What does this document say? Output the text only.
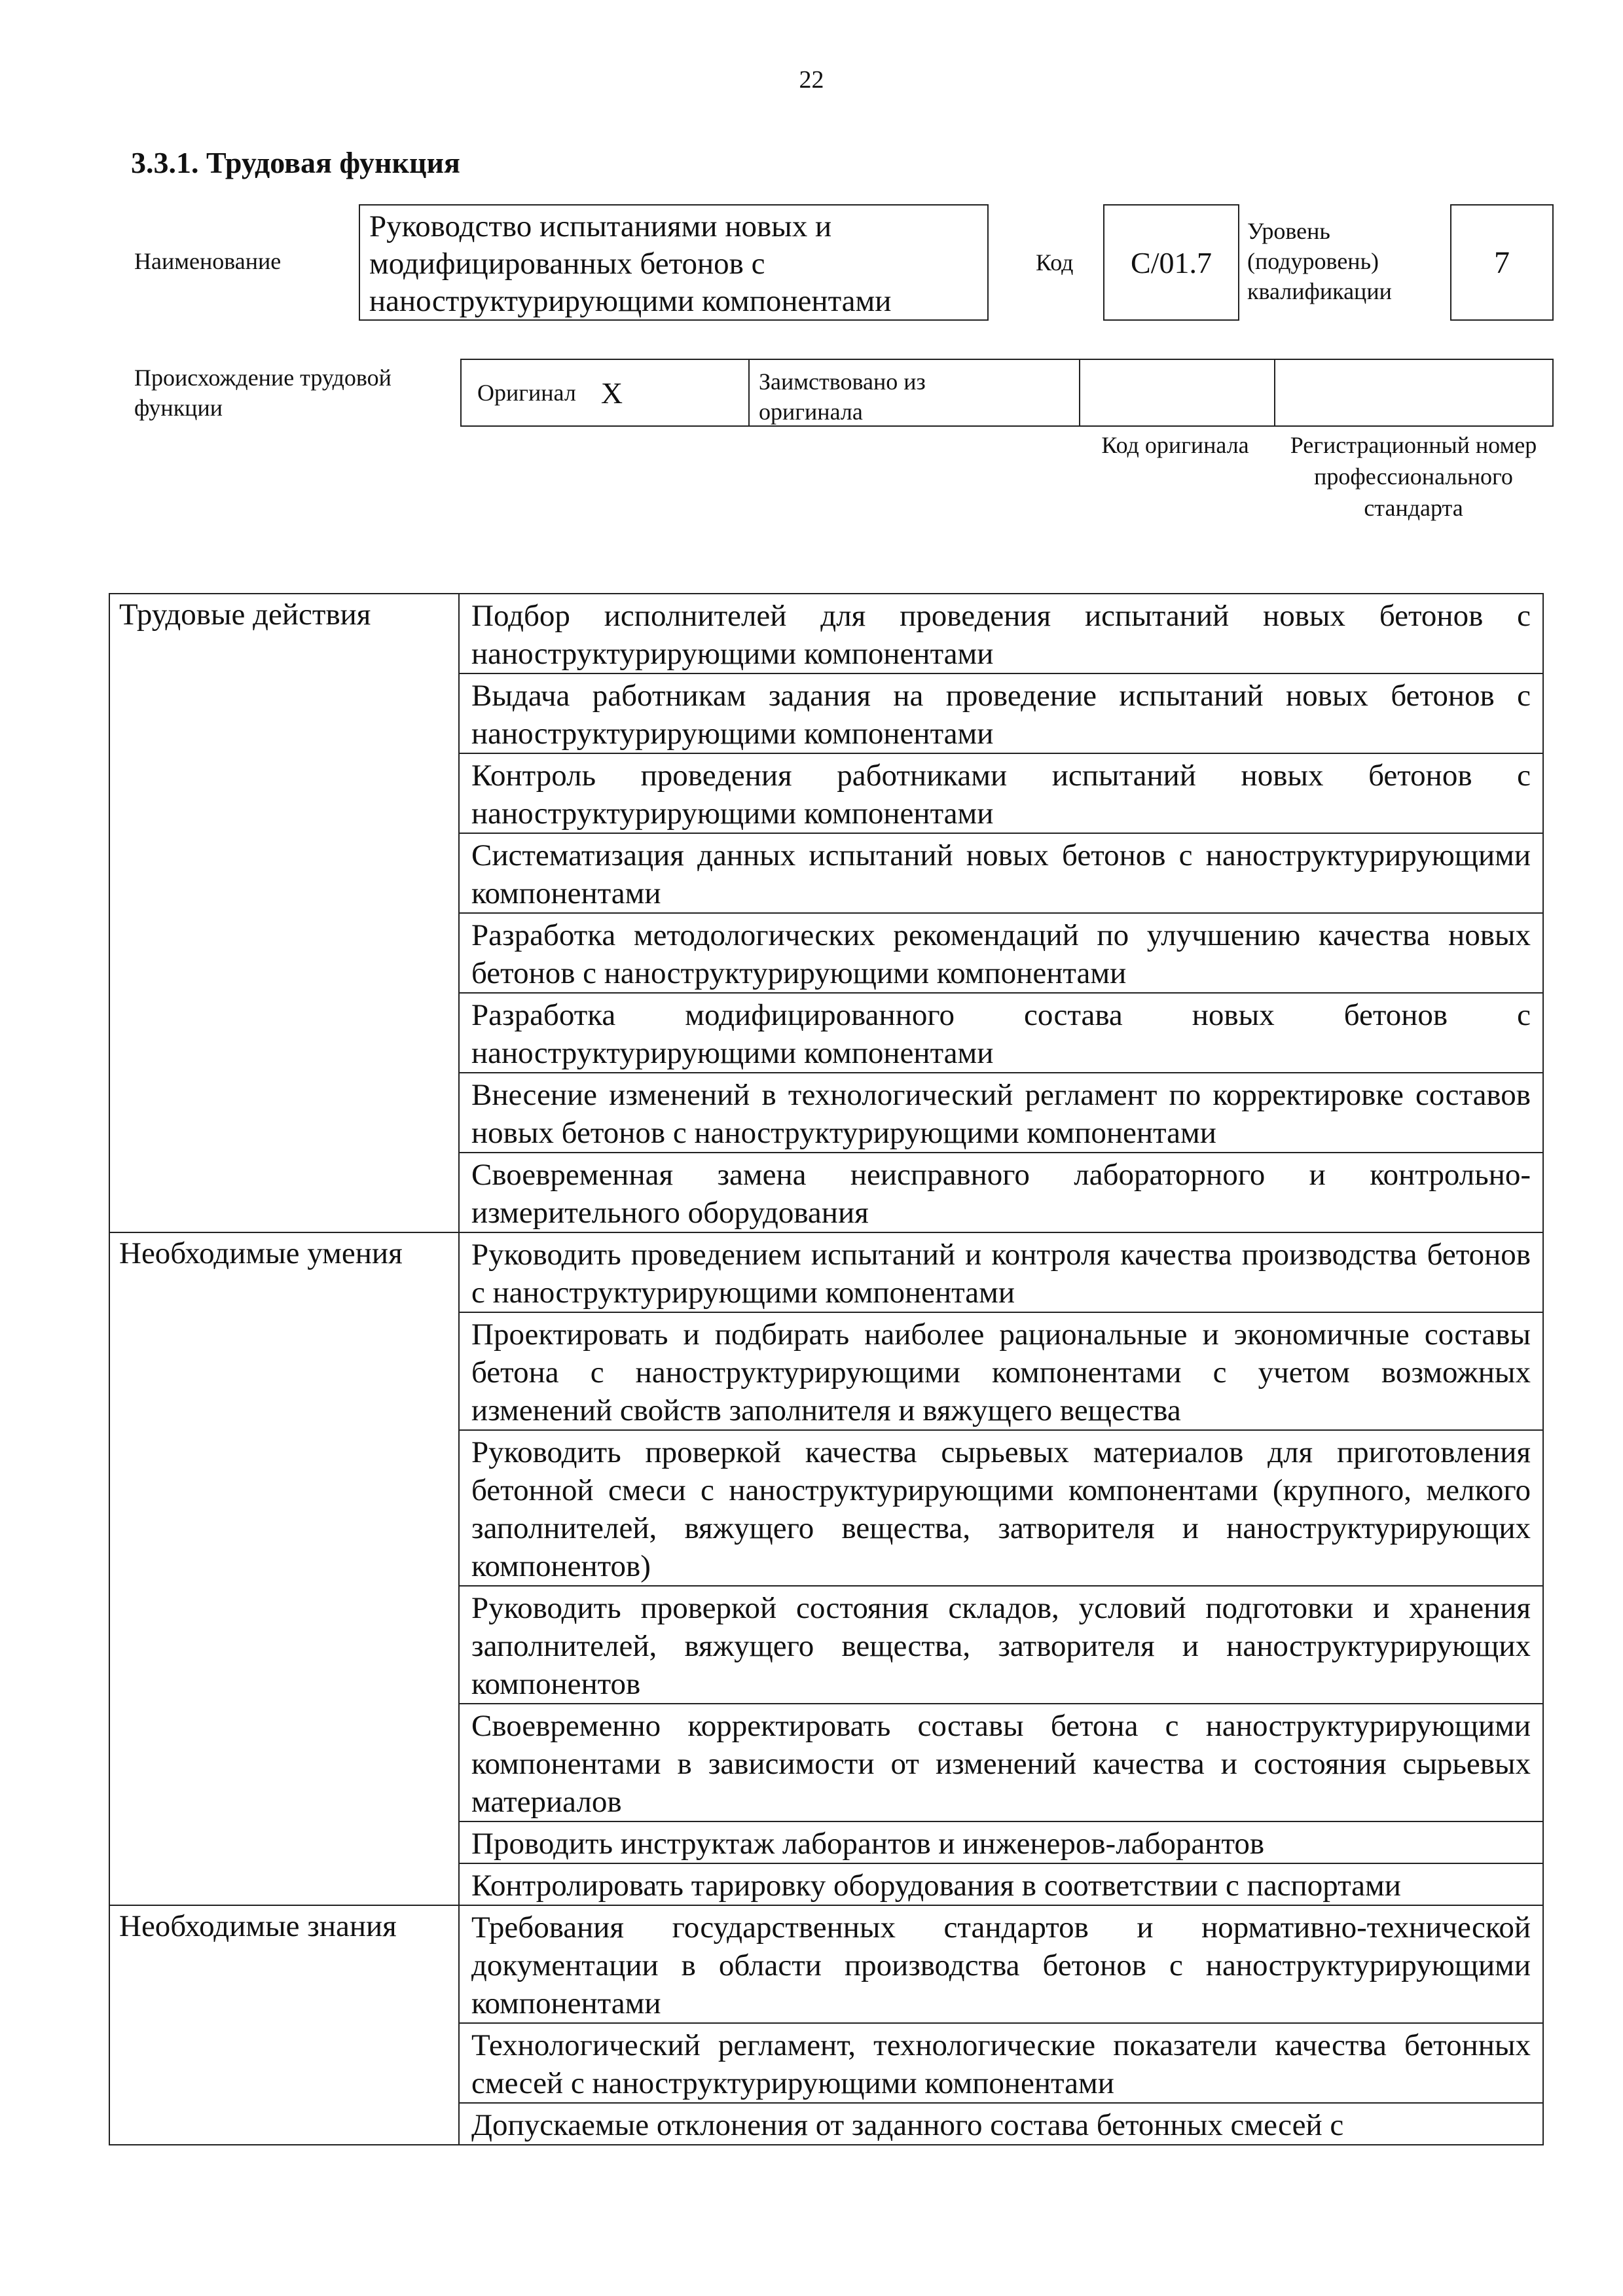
22
3.3.1. Трудовая функция
Наименование
Руководство испытаниями новых и модифицированных бетонов с наноструктурирующими компонентами
Код	С/01.7
Уровень (подуровень) квалификации
7
Происхождение трудовой функции
Оригинал Х	Заимствовано из оригинала
Код оригинала	Регистрационный номер профессионального стандарта
Трудовые действия	Подбор исполнителей для проведения испытаний новых бетонов с наноструктурирующими компонентами
	Выдача работникам задания на проведение испытаний новых бетонов с наноструктурирующими компонентами
	Контроль проведения работниками испытаний новых бетонов с наноструктурирующими компонентами
	Систематизация данных испытаний новых бетонов с наноструктурирующими компонентами
	Разработка методологических рекомендаций по улучшению качества новых бетонов с наноструктурирующими компонентами
	Разработка модифицированного состава новых бетонов с наноструктурирующими компонентами
	Внесение изменений в технологический регламент по корректировке составов новых бетонов с наноструктурирующими компонентами
	Своевременная замена неисправного лабораторного и контрольно-измерительного оборудования
Необходимые умения	Руководить проведением испытаний и контроля качества производства бетонов с наноструктурирующими компонентами
	Проектировать и подбирать наиболее рациональные и экономичные составы бетона с наноструктурирующими компонентами с учетом возможных изменений свойств заполнителя и вяжущего вещества
	Руководить проверкой качества сырьевых материалов для приготовления бетонной смеси с наноструктурирующими компонентами (крупного, мелкого заполнителей, вяжущего вещества, затворителя и наноструктурирующих компонентов)
	Руководить проверкой состояния складов, условий подготовки и хранения заполнителей, вяжущего вещества, затворителя и наноструктурирующих компонентов
	Своевременно корректировать составы бетона с наноструктурирующими компонентами в зависимости от изменений качества и состояния сырьевых материалов
	Проводить инструктаж лаборантов и инженеров-лаборантов
	Контролировать тарировку оборудования в соответствии с паспортами
Необходимые знания	Требования государственных стандартов и нормативно-технической документации в области производства бетонов с наноструктурирующими компонентами
	Технологический регламент, технологические показатели качества бетонных смесей с наноструктурирующими компонентами
	Допускаемые отклонения от заданного состава бетонных смесей с
